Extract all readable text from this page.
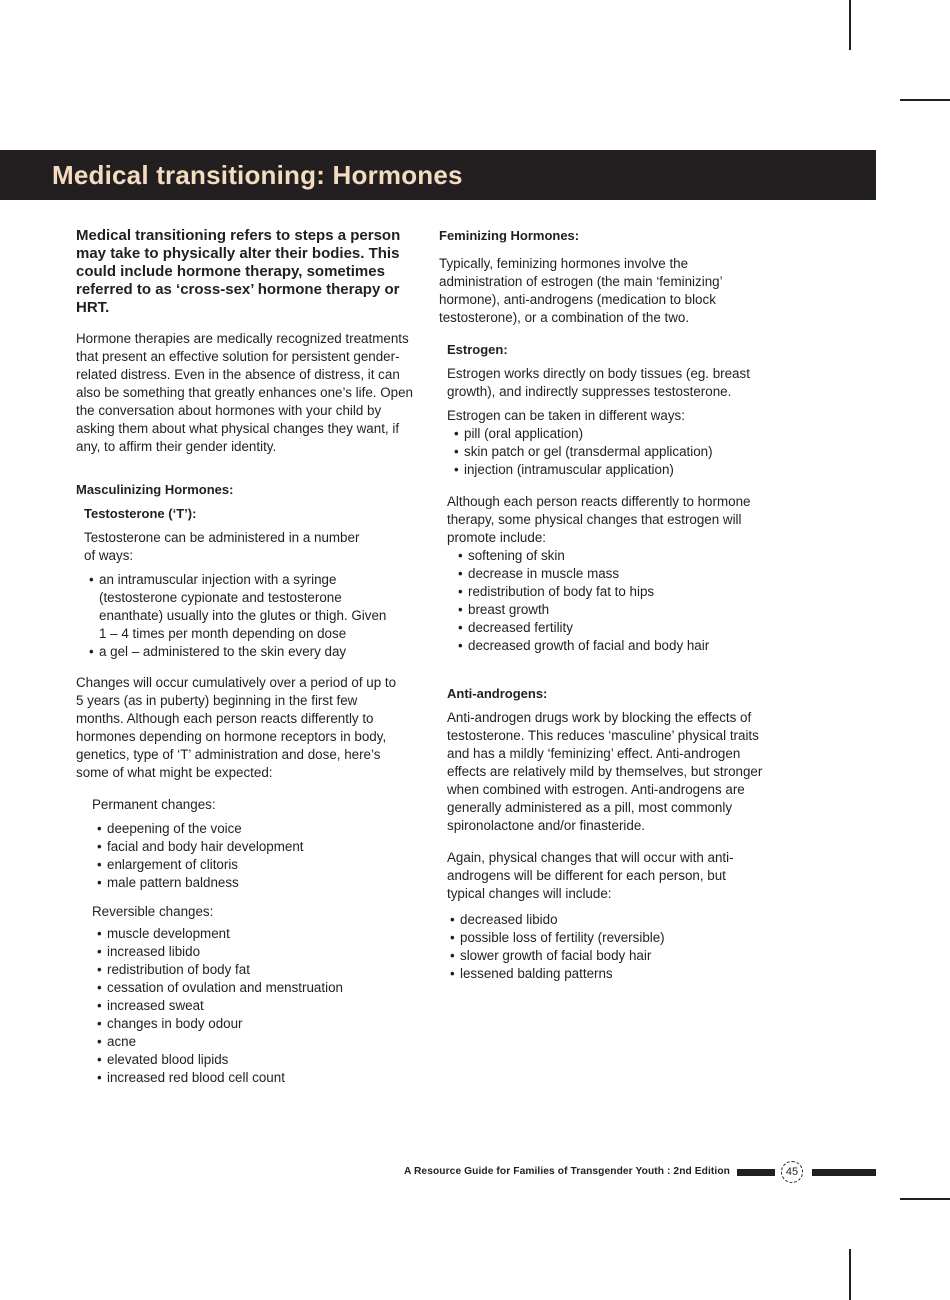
Medical transitioning: Hormones

Medical transitioning refers to steps a person may take to physically alter their bodies. This could include hormone therapy, sometimes referred to as ‘cross-sex’ hormone therapy or HRT.

Hormone therapies are medically recognized treatments that present an effective solution for persistent gender-related distress. Even in the absence of distress, it can also be something that greatly enhances one’s life. Open the conversation about hormones with your child by asking them about what physical changes they want, if any, to affirm their gender identity.

Masculinizing Hormones:

Testosterone (‘T’):

Testosterone can be administered in a number of ways:

• an intramuscular injection with a syringe (testosterone cypionate and testosterone enanthate) usually into the glutes or thigh. Given 1 – 4 times per month depending on dose
• a gel – administered to the skin every day

Changes will occur cumulatively over a period of up to 5 years (as in puberty) beginning in the first few months. Although each person reacts differently to hormones depending on hormone receptors in body, genetics, type of ‘T’ administration and dose, here’s some of what might be expected:

Permanent changes:

• deepening of the voice
• facial and body hair development
• enlargement of clitoris
• male pattern baldness

Reversible changes:

• muscle development
• increased libido
• redistribution of body fat
• cessation of ovulation and menstruation
• increased sweat
• changes in body odour
• acne
• elevated blood lipids
• increased red blood cell count

Feminizing Hormones:

Typically, feminizing hormones involve the administration of estrogen (the main ‘feminizing’ hormone), anti-androgens (medication to block testosterone), or a combination of the two.

Estrogen:

Estrogen works directly on body tissues (eg. breast growth), and indirectly suppresses testosterone.

Estrogen can be taken in different ways:

• pill (oral application)
• skin patch or gel (transdermal application)
• injection (intramuscular application)

Although each person reacts differently to hormone therapy, some physical changes that estrogen will promote include:

• softening of skin
• decrease in muscle mass
• redistribution of body fat to hips
• breast growth
• decreased fertility
• decreased growth of facial and body hair

Anti-androgens:

Anti-androgen drugs work by blocking the effects of testosterone. This reduces ‘masculine’ physical traits and has a mildly ‘feminizing’ effect. Anti-androgen effects are relatively mild by themselves, but stronger when combined with estrogen. Anti-androgens are generally administered as a pill, most commonly spironolactone and/or finasteride.

Again, physical changes that will occur with anti-androgens will be different for each person, but typical changes will include:

• decreased libido
• possible loss of fertility (reversible)
• slower growth of facial body hair
• lessened balding patterns
A Resource Guide for Families of Transgender Youth : 2nd Edition	45
